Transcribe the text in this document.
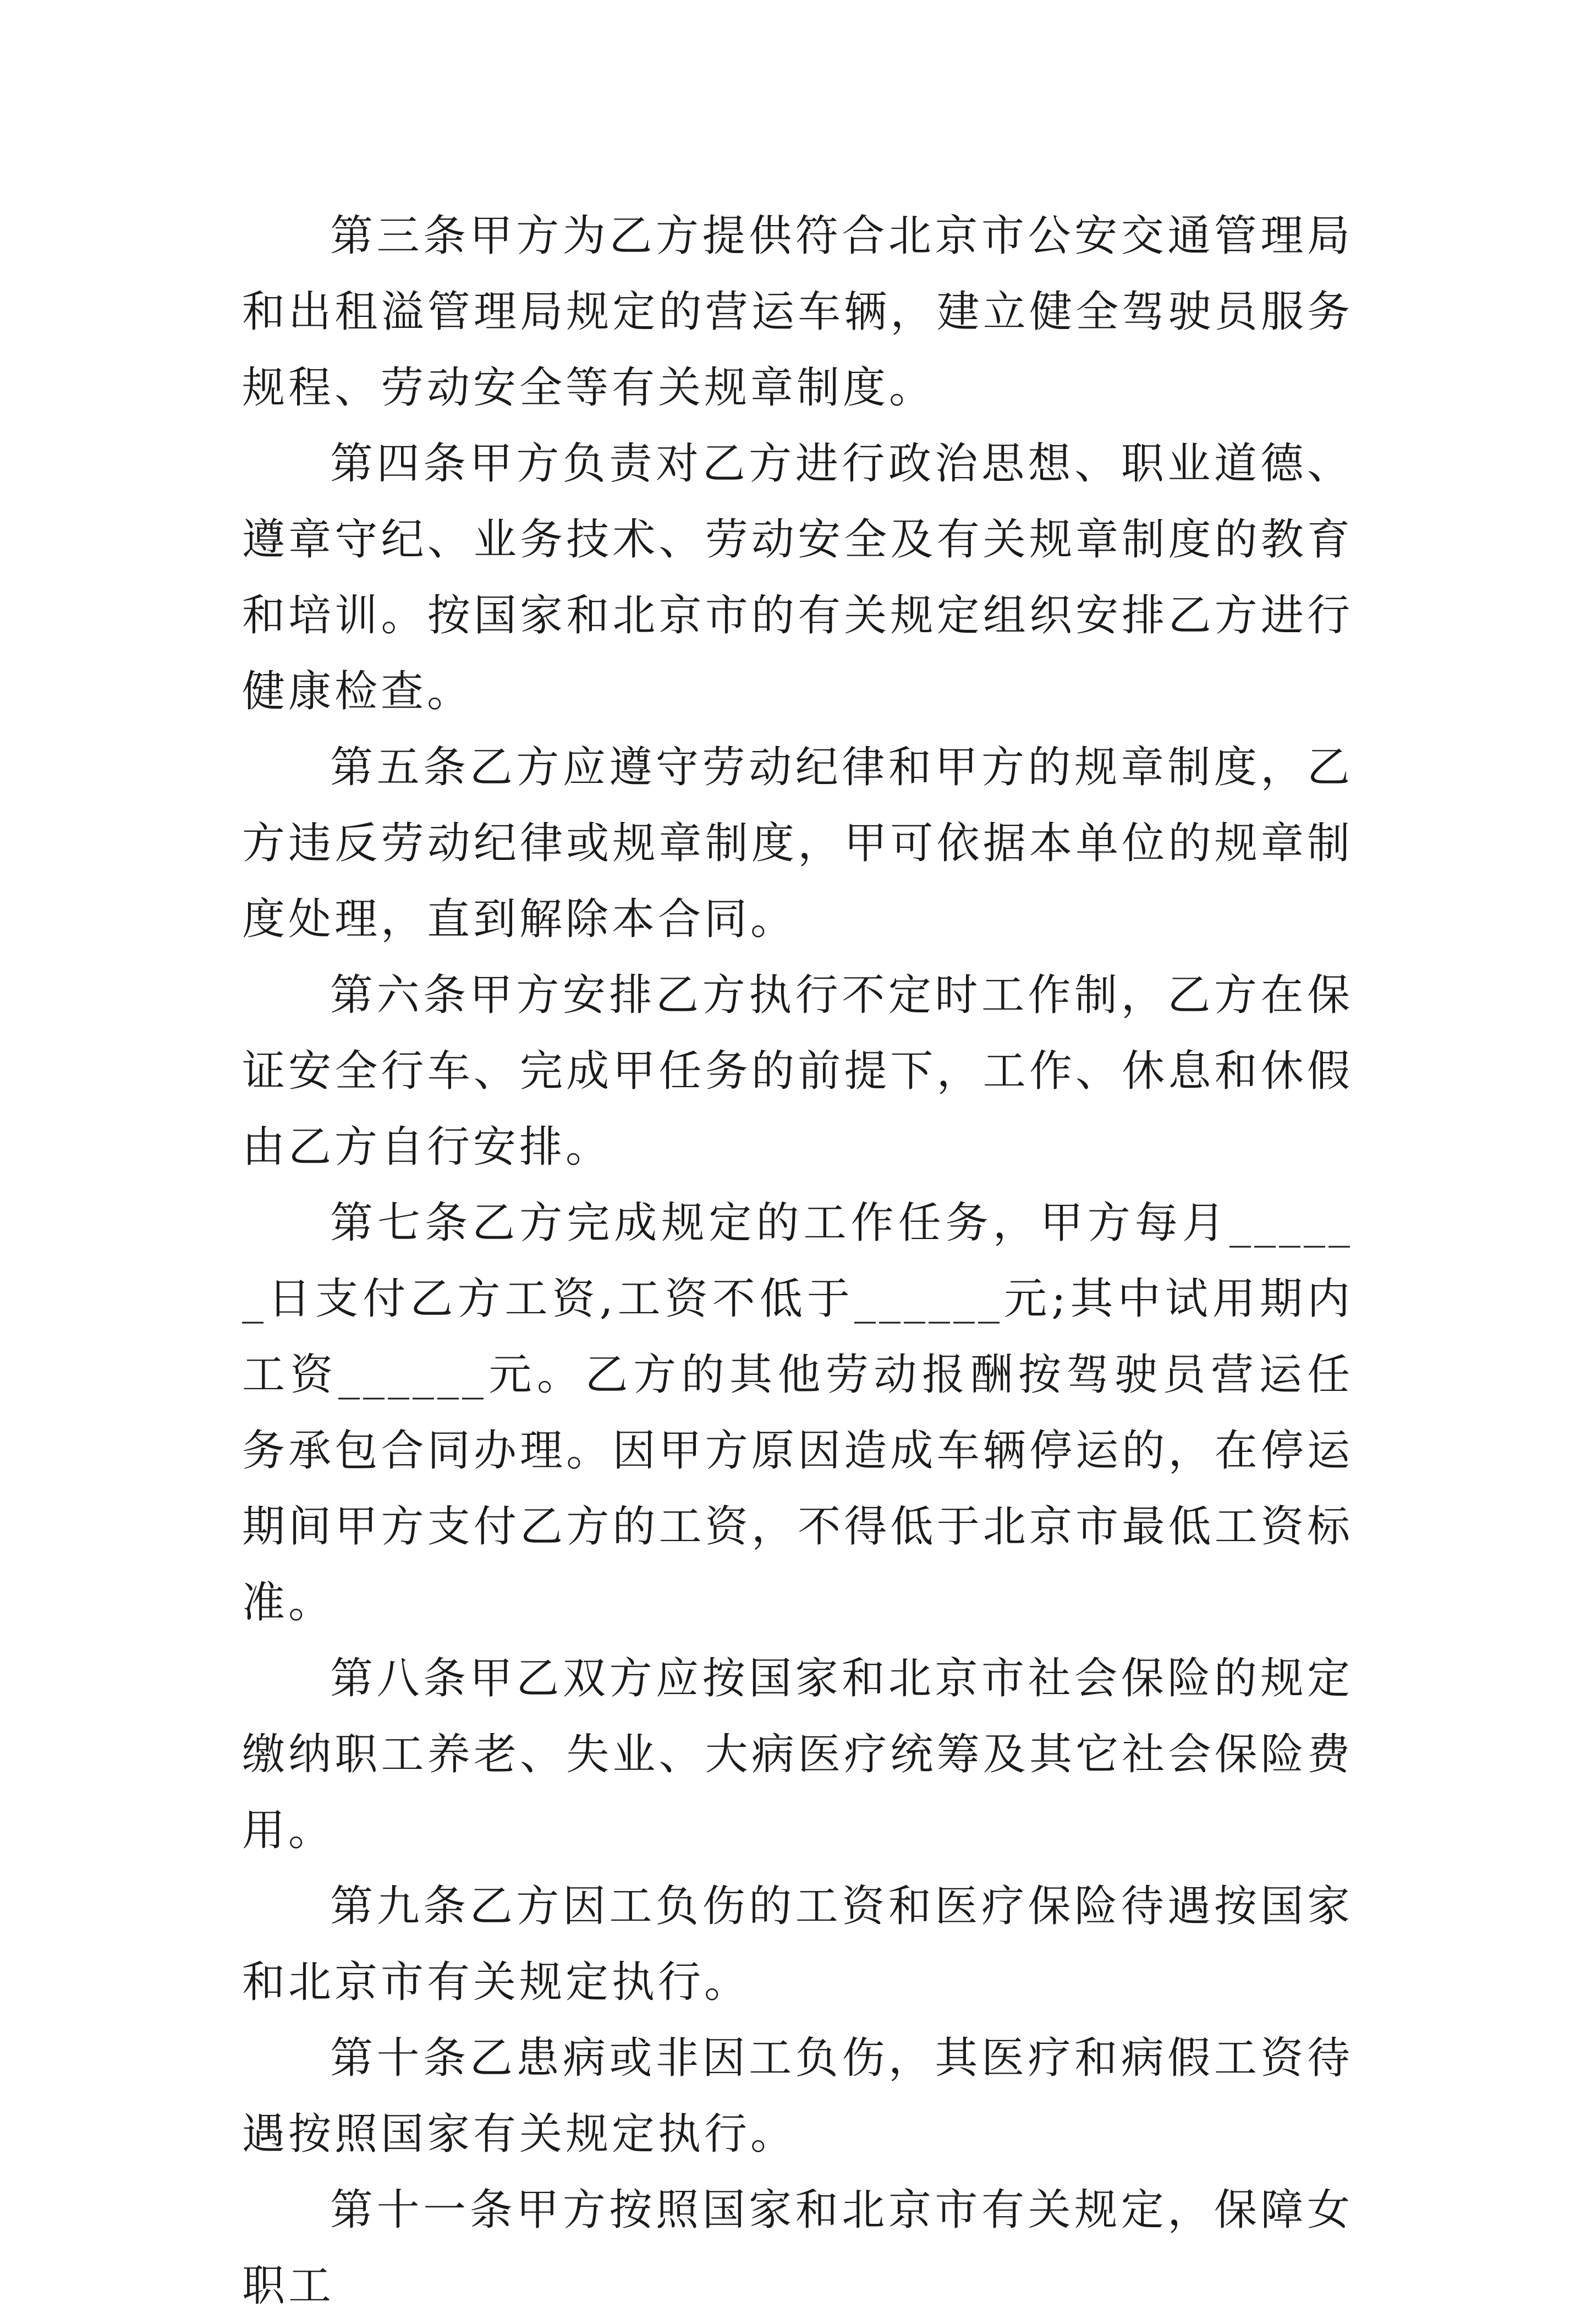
第三条甲方为乙方提供符合北京市公安交通管理局和出租溢管理局规定的营运车辆，建立健全驾驶员服务规程、劳动安全等有关规章制度。

第四条甲方负责对乙方进行政治思想、职业道德、遵章守纪、业务技术、劳动安全及有关规章制度的教育和培训。按国家和北京市的有关规定组织安排乙方进行健康检查。

第五条乙方应遵守劳动纪律和甲方的规章制度，乙方违反劳动纪律或规章制度，甲可依据本单位的规章制度处理，直到解除本合同。

第六条甲方安排乙方执行不定时工作制，乙方在保证安全行车、完成甲任务的前提下，工作、休息和休假由乙方自行安排。

第七条乙方完成规定的工作任务，甲方每月______日支付乙方工资,工资不低于______元;其中试用期内工资______元。乙方的其他劳动报酬按驾驶员营运任务承包合同办理。因甲方原因造成车辆停运的，在停运期间甲方支付乙方的工资，不得低于北京市最低工资标准。

第八条甲乙双方应按国家和北京市社会保险的规定缴纳职工养老、失业、大病医疗统筹及其它社会保险费用。

第九条乙方因工负伤的工资和医疗保险待遇按国家和北京市有关规定执行。

第十条乙患病或非因工负伤，其医疗和病假工资待遇按照国家有关规定执行。

第十一条甲方按照国家和北京市有关规定，保障女职工
